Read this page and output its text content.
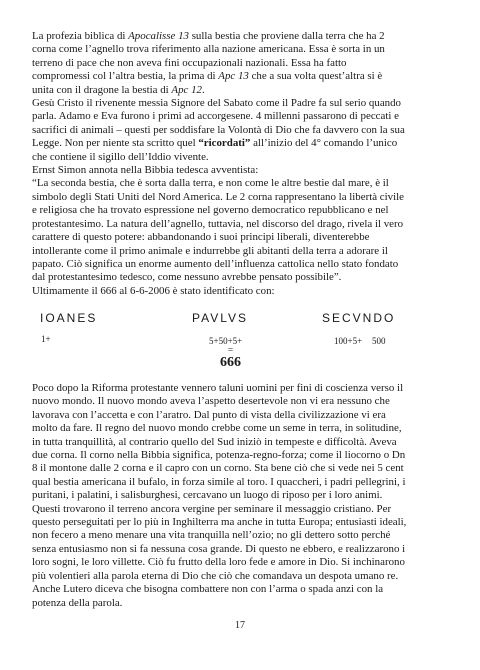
La profezia biblica di Apocalisse 13 sulla bestia che proviene dalla terra che ha 2
corna come l’agnello trova riferimento alla nazione americana. Essa è sorta in un
terreno di pace che non aveva fini occupazionali nazionali. Essa ha fatto
compromessi col l’altra bestia, la prima di Apc 13 che a sua volta quest’altra si è
unita con il dragone la bestia di Apc 12.
Gesù Cristo il rivenente messia Signore del Sabato come il Padre fa sul serio quando
parla. Adamo e Eva furono i primi ad accorgesene. 4 millenni passarono di peccati e
sacrifici di animali – questi per soddisfare la Volontà di Dio che fa davvero con la sua
Legge. Non per niente sta scritto quel “ricordati” all’inizio del 4° comando l’unico
che contiene il sigillo dell’Iddio vivente.
Ernst Simon annota nella Bibbia tedesca avventista:
“La seconda bestia, che è sorta dalla terra, e non come le altre bestie dal mare, è il
simbolo degli Stati Uniti del Nord America. Le 2 corna rappresentano la libertà civile
e religiosa che ha trovato espressione nel governo democratico repubblicano e nel
protestantesimo. La natura dell’agnello, tuttavia, nel discorso del drago, rivela il vero
carattere di questo potere: abbandonando i suoi principi liberali, diventerebbe
intollerante come il primo animale e indurrebbe gli abitanti della terra a adorare il
papato. Ciò significa un enorme aumento dell’influenza cattolica nello stato fondato
dal protestantesimo tedesco, come nessuno avrebbe pensato possibile”.
Ultimamente il 666 al 6-6-2006 è stato identificato con:
IOANES	PAVLVS	SECVNDO
1+	5+50+5+	100+5+ 500
=
666
Poco dopo la Riforma protestante vennero taluni uomini per fini di coscienza verso il
nuovo mondo. Il nuovo mondo aveva l’aspetto desertevole non vi era nessuno che
lavorava con l’accetta e con l’aratro. Dal punto di vista della civilizzazione vi era
molto da fare. Il regno del nuovo mondo crebbe come un seme in terra, in solitudine,
in tutta tranquillità, al contrario quello del Sud iniziò in tempeste e difficoltà. Aveva
due corna. Il corno nella Bibbia significa, potenza-regno-forza; come il liocorno o Dn
8 il montone dalle 2 corna e il capro con un corno. Sta bene ciò che si vede nei 5 cent
qual bestia americana il bufalo, in forza simile al toro. I quaccheri, i padri pellegrini, i
puritani, i palatini, i salisburghesi, cercavano un luogo di riposo per i loro animi.
Questi trovarono il terreno ancora vergine per seminare il messaggio cristiano. Per
questo perseguitati per lo più in Inghilterra ma anche in tutta Europa; entusiasti ideali,
non fecero a meno menare una vita tranquilla nell’ozio; no gli dettero sotto perché
senza entusiasmo non si fa nessuna cosa grande. Di questo ne ebbero, e realizzarono i
loro sogni, le loro villette. Ciò fu frutto della loro fede e amore in Dio. Si inchinarono
più volentieri alla parola eterna di Dio che ciò che comandava un despota umano re.
Anche Lutero diceva che bisogna combattere non con l’arma o spada anzi con la
potenza della parola.
17
